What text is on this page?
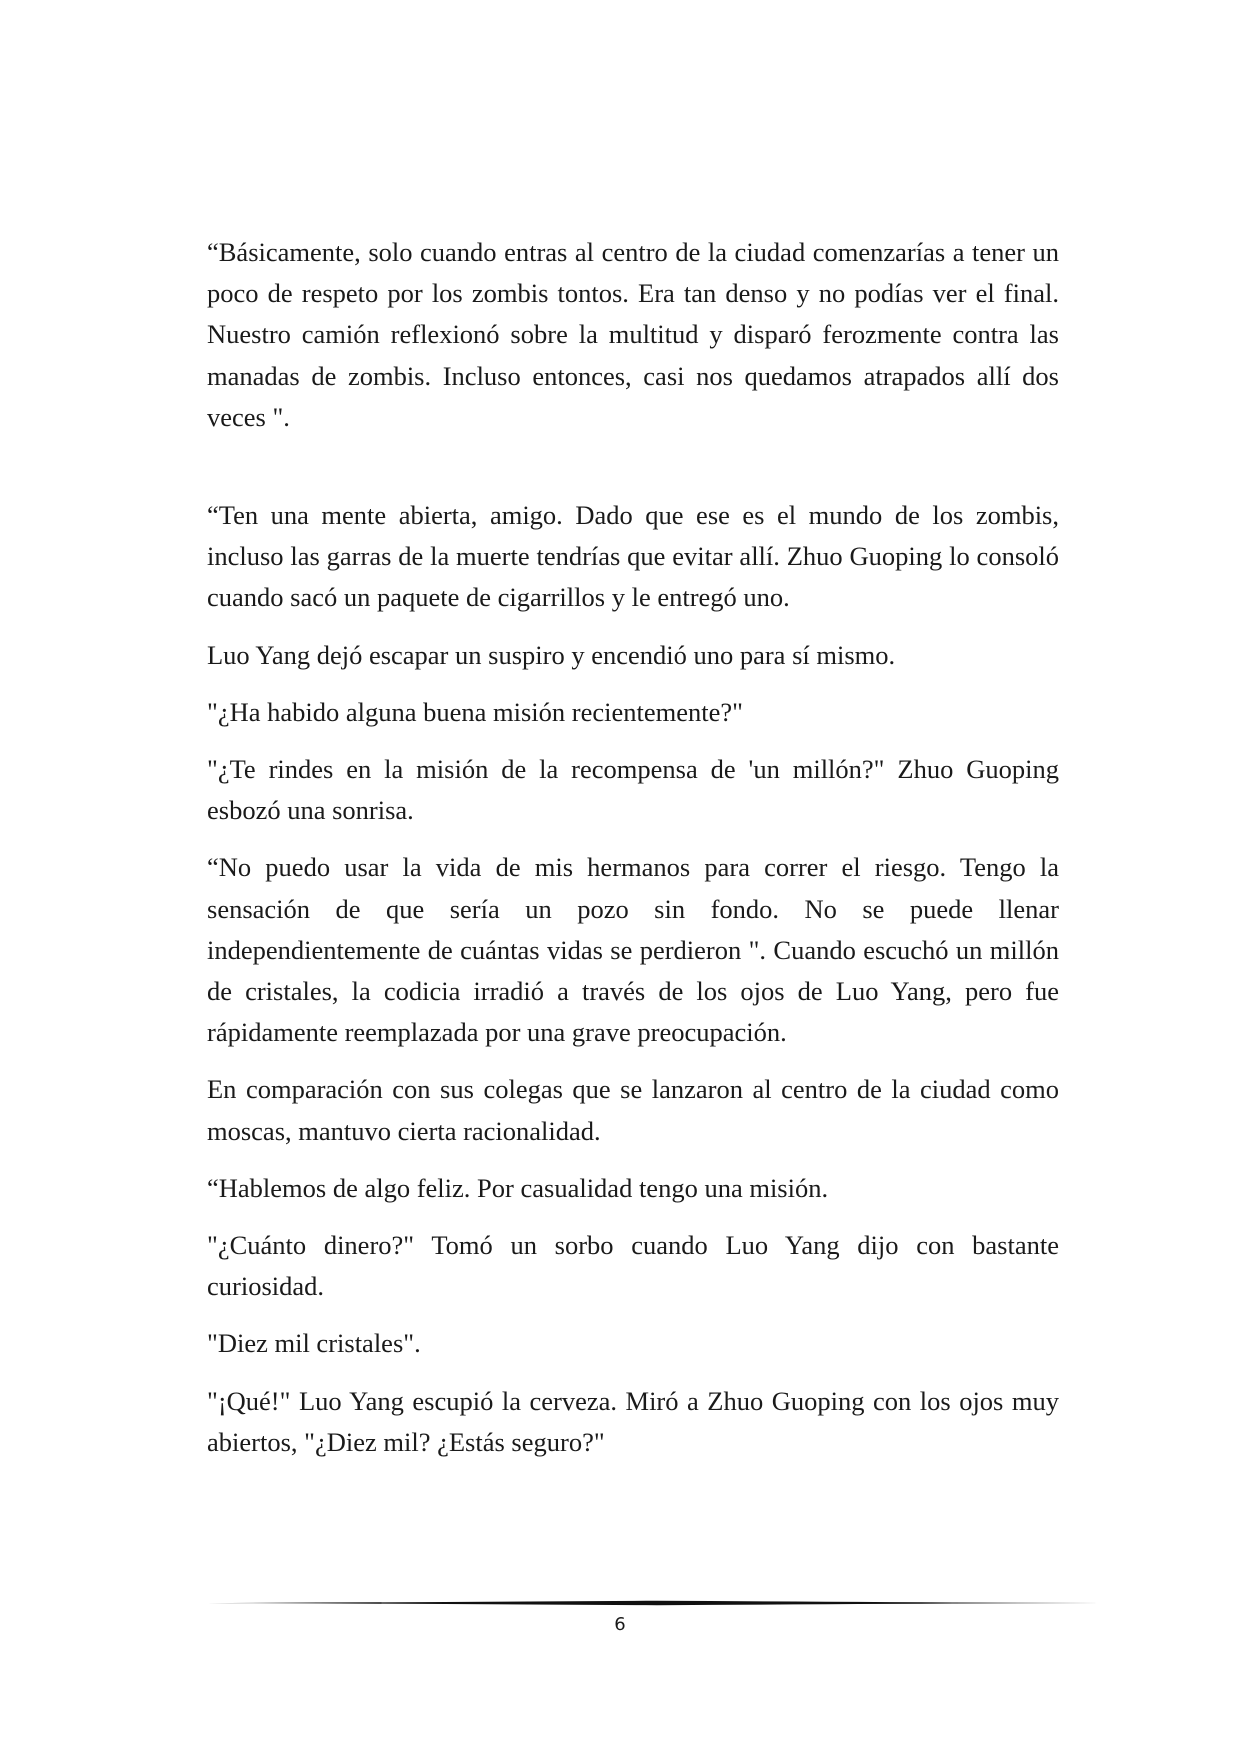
“Básicamente, solo cuando entras al centro de la ciudad comenzarías a tener un poco de respeto por los zombis tontos. Era tan denso y no podías ver el final. Nuestro camión reflexionó sobre la multitud y disparó ferozmente contra las manadas de zombis. Incluso entonces, casi nos quedamos atrapados allí dos veces ".

“Ten una mente abierta, amigo. Dado que ese es el mundo de los zombis, incluso las garras de la muerte tendrías que evitar allí. Zhuo Guoping lo consoló cuando sacó un paquete de cigarrillos y le entregó uno.

Luo Yang dejó escapar un suspiro y encendió uno para sí mismo.

"¿Ha habido alguna buena misión recientemente?"

"¿Te rindes en la misión de la recompensa de 'un millón?" Zhuo Guoping esbozó una sonrisa.

“No puedo usar la vida de mis hermanos para correr el riesgo. Tengo la sensación de que sería un pozo sin fondo. No se puede llenar independientemente de cuántas vidas se perdieron ". Cuando escuchó un millón de cristales, la codicia irradió a través de los ojos de Luo Yang, pero fue rápidamente reemplazada por una grave preocupación.

En comparación con sus colegas que se lanzaron al centro de la ciudad como moscas, mantuvo cierta racionalidad.

“Hablemos de algo feliz. Por casualidad tengo una misión.

"¿Cuánto dinero?" Tomó un sorbo cuando Luo Yang dijo con bastante curiosidad.

"Diez mil cristales".

"¡Qué!" Luo Yang escupió la cerveza. Miró a Zhuo Guoping con los ojos muy abiertos, "¿Diez mil? ¿Estás seguro?"

6
